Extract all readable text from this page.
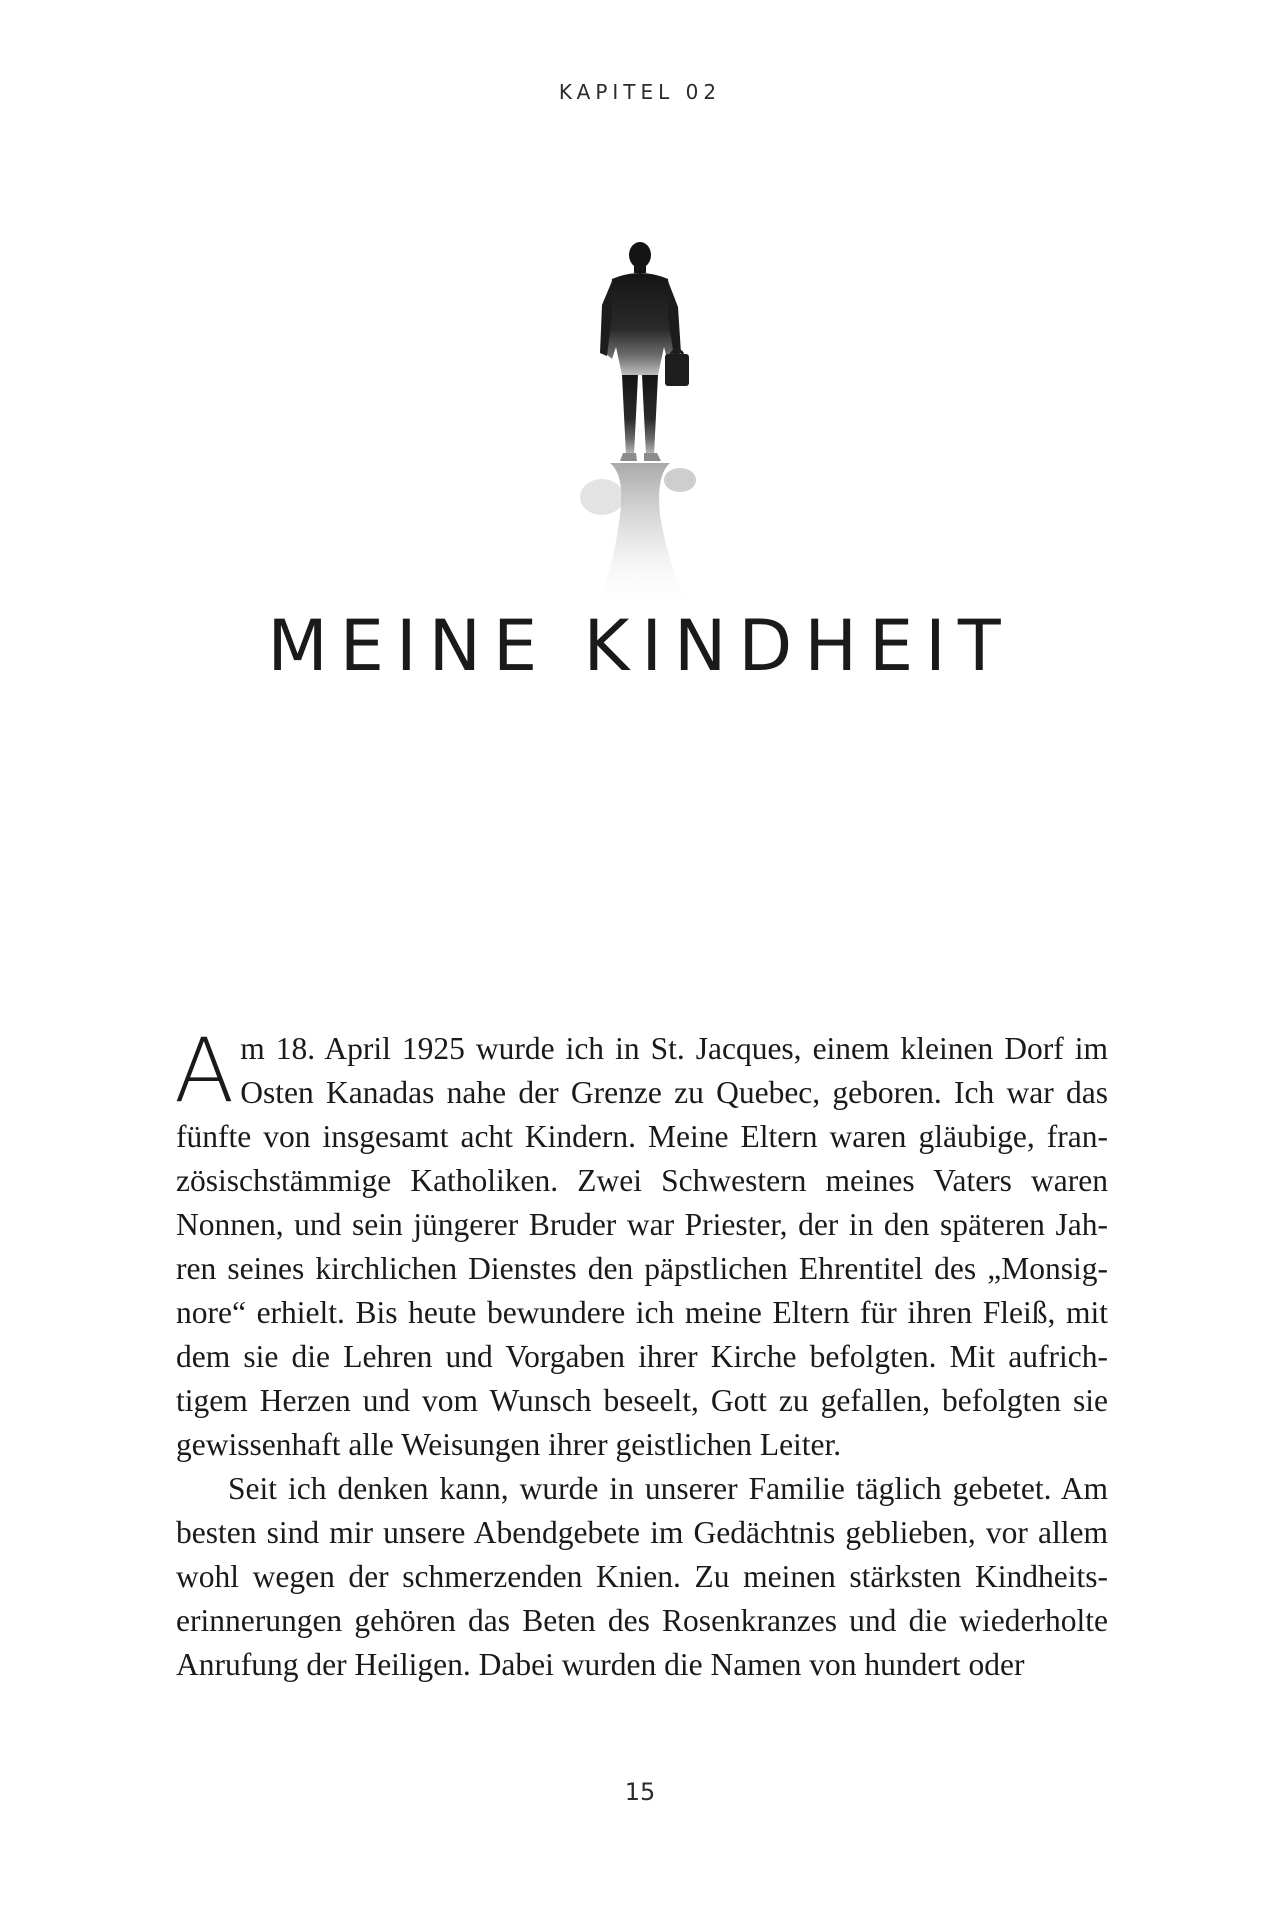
KAPITEL 02
MEINE KINDHEIT

Am 18. April 1925 wurde ich in St. Jacques, einem kleinen Dorf im Osten Kanadas nahe der Grenze zu Quebec, geboren. Ich war das fünfte von insgesamt acht Kindern. Meine Eltern waren gläubige, französischstämmige Katholiken. Zwei Schwestern meines Vaters waren Nonnen, und sein jüngerer Bruder war Priester, der in den späteren Jahren seines kirchlichen Dienstes den päpstlichen Ehrentitel des „Monsignore“ erhielt. Bis heute bewundere ich meine Eltern für ihren Fleiß, mit dem sie die Lehren und Vorgaben ihrer Kirche befolgten. Mit aufrichtigem Herzen und vom Wunsch beseelt, Gott zu gefallen, befolgten sie gewissenhaft alle Weisungen ihrer geistlichen Leiter.

Seit ich denken kann, wurde in unserer Familie täglich gebetet. Am besten sind mir unsere Abendgebete im Gedächtnis geblieben, vor allem wohl wegen der schmerzenden Knien. Zu meinen stärksten Kindheitserinnerungen gehören das Beten des Rosenkranzes und die wiederholte Anrufung der Heiligen. Dabei wurden die Namen von hundert oder

15
